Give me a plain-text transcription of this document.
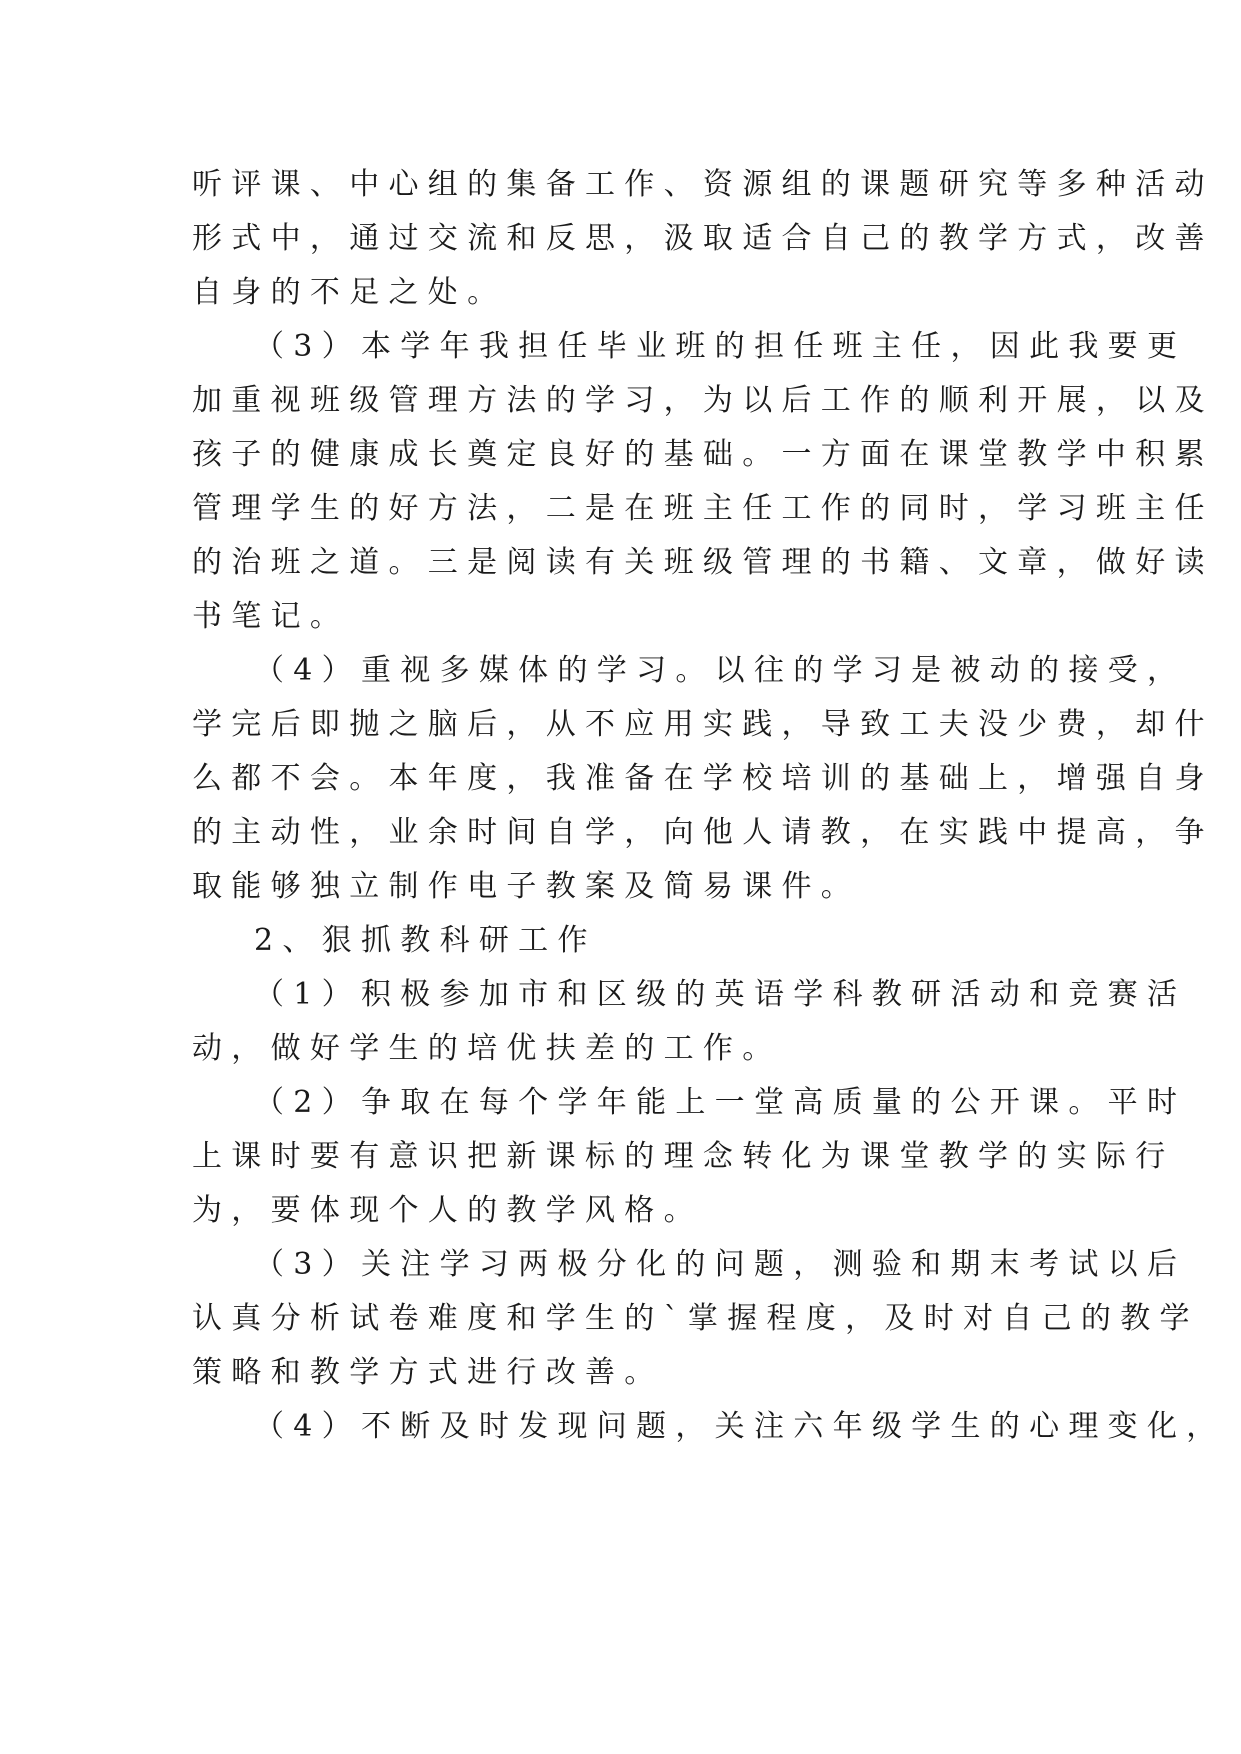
听评课、中心组的集备工作、资源组的课题研究等多种活动
形式中，通过交流和反思，汲取适合自己的教学方式，改善
自身的不足之处。
（3）本学年我担任毕业班的担任班主任，因此我要更
加重视班级管理方法的学习，为以后工作的顺利开展，以及
孩子的健康成长奠定良好的基础。一方面在课堂教学中积累
管理学生的好方法，二是在班主任工作的同时，学习班主任
的治班之道。三是阅读有关班级管理的书籍、文章，做好读
书笔记。
（4）重视多媒体的学习。以往的学习是被动的接受，
学完后即抛之脑后，从不应用实践，导致工夫没少费，却什
么都不会。本年度，我准备在学校培训的基础上，增强自身
的主动性，业余时间自学，向他人请教，在实践中提高，争
取能够独立制作电子教案及简易课件。
2、狠抓教科研工作
（1）积极参加市和区级的英语学科教研活动和竞赛活
动，做好学生的培优扶差的工作。
（2）争取在每个学年能上一堂高质量的公开课。平时
上课时要有意识把新课标的理念转化为课堂教学的实际行
为，要体现个人的教学风格。
（3）关注学习两极分化的问题，测验和期末考试以后
认真分析试卷难度和学生的`掌握程度，及时对自己的教学
策略和教学方式进行改善。
（4）不断及时发现问题，关注六年级学生的心理变化，
